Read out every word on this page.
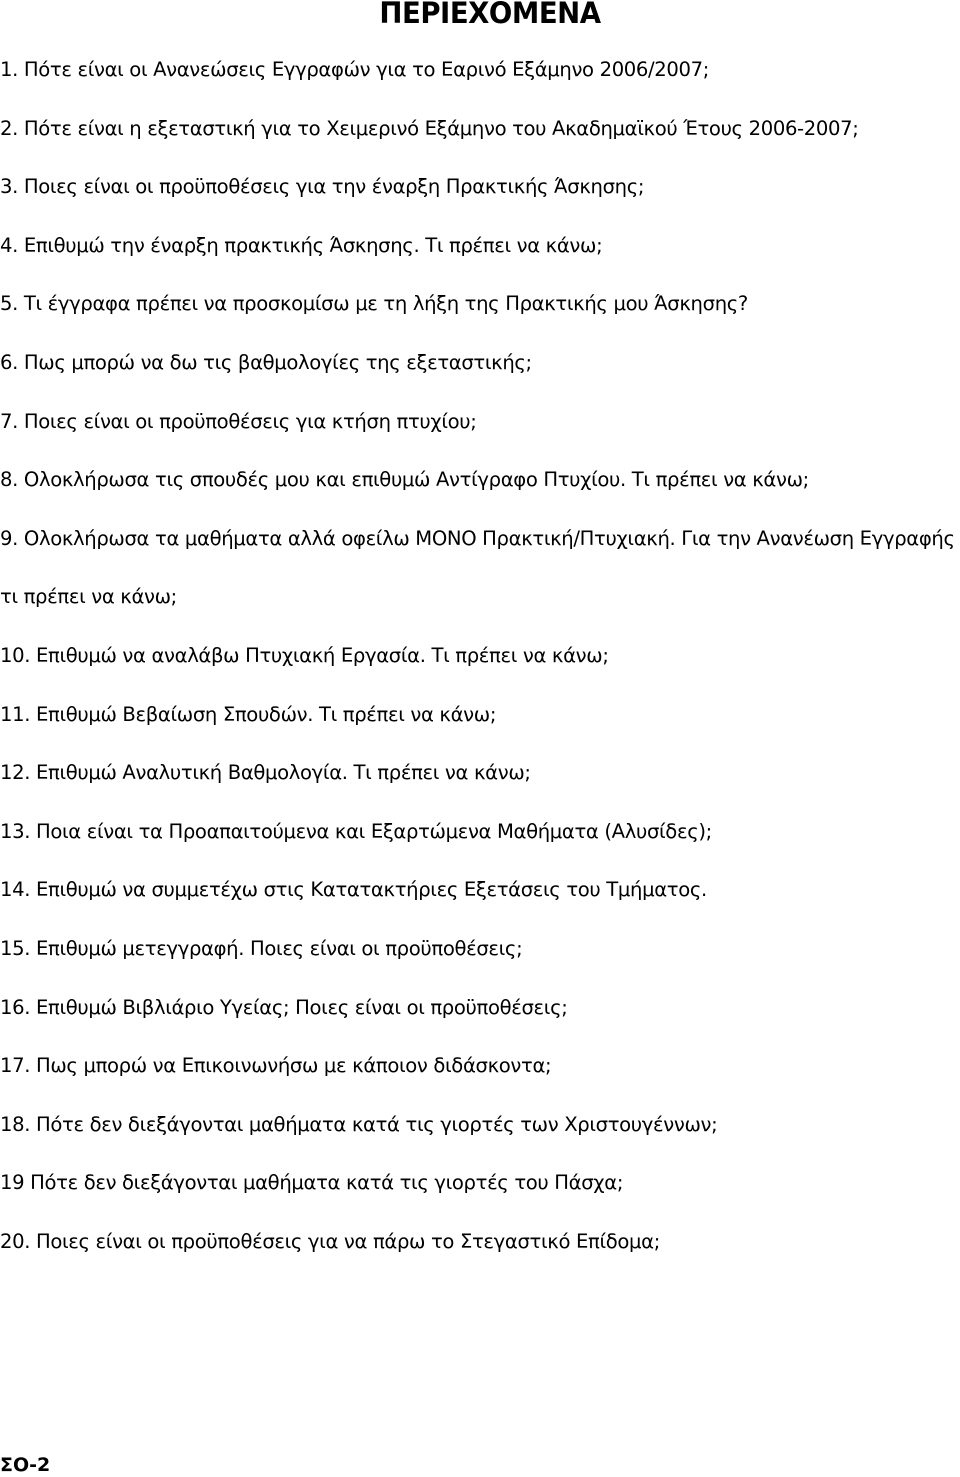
ΠΕΡΙΕΧΟΜΕΝΑ
1. Πότε είναι οι Ανανεώσεις Εγγραφών για το Εαρινό Εξάμηνο 2006/2007;
2. Πότε είναι η εξεταστική για το Χειμερινό Εξάμηνο του Ακαδημαϊκού Έτους 2006-2007;
3. Ποιες είναι οι προϋποθέσεις για την έναρξη Πρακτικής Άσκησης;
4. Επιθυμώ την έναρξη πρακτικής Άσκησης. Τι πρέπει να κάνω;
5. Τι έγγραφα πρέπει να προσκομίσω με τη λήξη της Πρακτικής μου Άσκησης?
6. Πως μπορώ να δω τις βαθμολογίες της εξεταστικής;
7. Ποιες είναι οι προϋποθέσεις για κτήση πτυχίου;
8. Ολοκλήρωσα τις σπουδές μου και επιθυμώ Αντίγραφο Πτυχίου. Τι πρέπει να κάνω;
9. Ολοκλήρωσα τα μαθήματα αλλά οφείλω ΜΟΝΟ Πρακτική/Πτυχιακή. Για την Ανανέωση Εγγραφής τι πρέπει να κάνω;
10. Επιθυμώ να αναλάβω Πτυχιακή Εργασία. Τι πρέπει να κάνω;
11. Επιθυμώ Βεβαίωση Σπουδών. Τι πρέπει να κάνω;
12. Επιθυμώ Αναλυτική Βαθμολογία. Τι πρέπει να κάνω;
13. Ποια είναι τα Προαπαιτούμενα και Εξαρτώμενα Μαθήματα (Αλυσίδες);
14. Επιθυμώ να συμμετέχω στις Κατατακτήριες Εξετάσεις του Τμήματος.
15. Επιθυμώ μετεγγραφή. Ποιες είναι οι προϋποθέσεις;
16. Επιθυμώ Βιβλιάριο Υγείας; Ποιες είναι οι προϋποθέσεις;
17. Πως μπορώ να Επικοινωνήσω με κάποιον διδάσκοντα;
18. Πότε δεν διεξάγονται μαθήματα κατά τις γιορτές των Χριστουγέννων;
19 Πότε δεν διεξάγονται μαθήματα κατά τις γιορτές του Πάσχα;
20. Ποιες είναι οι προϋποθέσεις για να πάρω το Στεγαστικό Επίδομα;
ΣΟ-2
